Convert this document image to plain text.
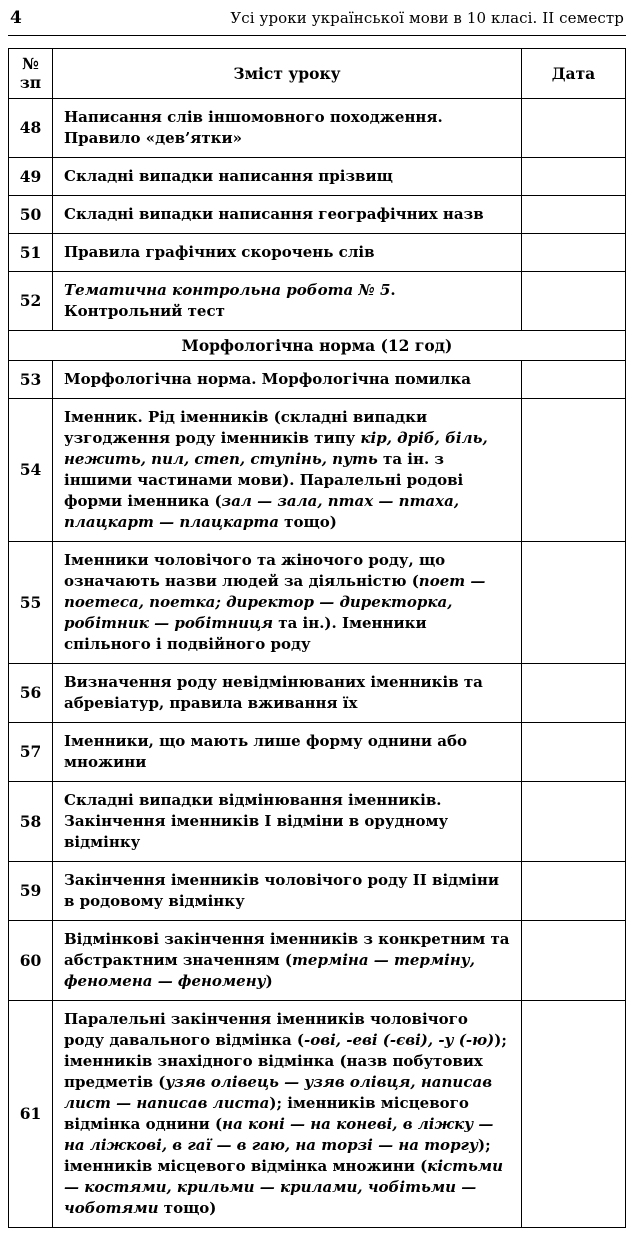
4	Усі уроки української мови в 10 класі. ІІ семестр
№
зп	Зміст уроку	Дата
48	Написання слів іншомовного походження. Правило «дев’ятки»	
49	Складні випадки написання прізвищ	
50	Складні випадки написання географічних назв	
51	Правила графічних скорочень слів	
52	Тематична контрольна робота № 5. Контрольний тест	
Морфологічна норма (12 год)		
53	Морфологічна норма. Морфологічна помилка	
54	Іменник. Рід іменників (складні випадки узгодження роду іменників типу кір, дріб, біль, нежить, пил, степ, ступінь, путь та ін. з іншими частинами мови). Паралельні родові форми іменника (зал — зала, птах — птаха, плацкарт — плацкарта тощо)	
55	Іменники чоловічого та жіночого роду, що означають назви людей за діяльністю (поет — поетеса, поетка; директор — директорка, робітник — робітниця та ін.). Іменники спільного і подвійного роду	
56	Визначення роду невідмінюваних іменників та абревіатур, правила вживання їх	
57	Іменники, що мають лише форму однини або множини	
58	Складні випадки відмінювання іменників. Закінчення іменників І відміни в орудному відмінку	
59	Закінчення іменників чоловічого роду ІІ відміни в родовому відмінку	
60	Відмінкові закінчення іменників з конкретним та абстрактним значенням (терміна — терміну, феномена — феномену)	
61	Паралельні закінчення іменників чоловічого роду давального відмінка (-ові, -еві (-єві), -у (-ю)); іменників знахідного відмінка (назв побутових предметів (узяв олівець — узяв олівця, написав лист — написав листа); іменників місцевого відмінка однини (на коні — на коневі, в ліжку — на ліжкові, в гаї — в гаю, на торзі — на торгу); іменників місцевого відмінка множини (кістьми — костями, крильми — крилами, чобітьми — чоботями тощо)	
